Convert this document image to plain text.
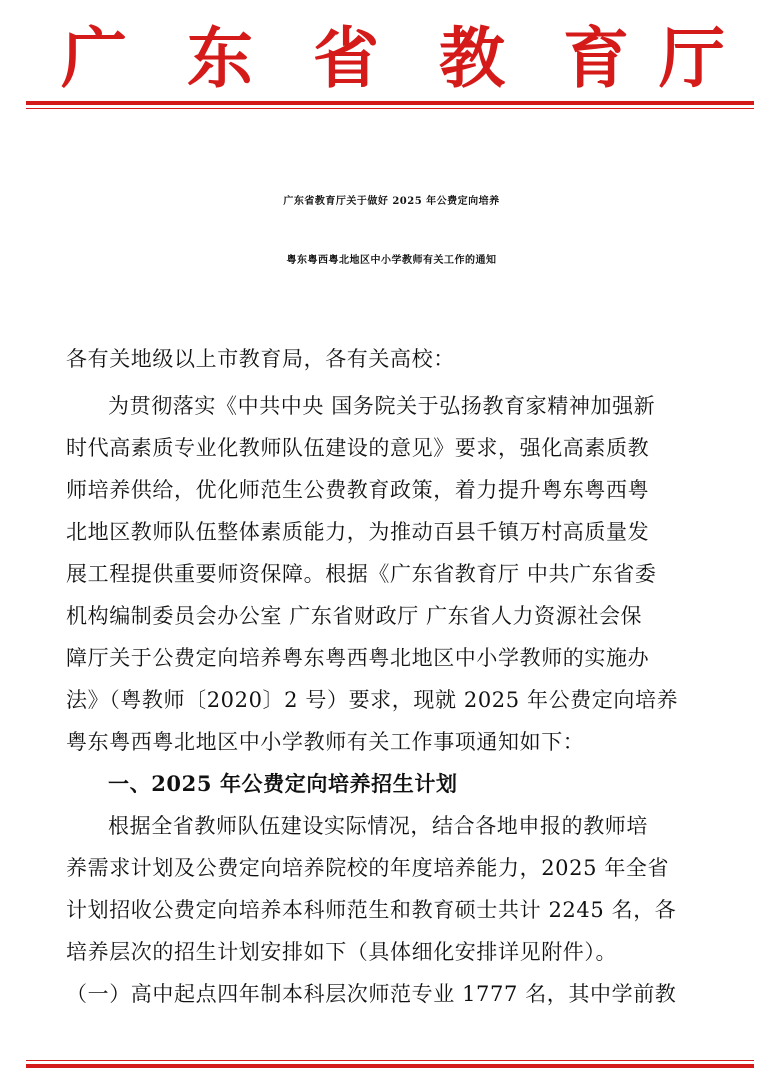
广 东 省 教 育 厅
广东省教育厅关于做好 2025 年公费定向培养
粤东粤西粤北地区中小学教师有关工作的通知
各有关地级以上市教育局，各有关高校：
为贯彻落实《中共中央 国务院关于弘扬教育家精神加强新
时代高素质专业化教师队伍建设的意见》要求，强化高素质教
师培养供给，优化师范生公费教育政策，着力提升粤东粤西粤
北地区教师队伍整体素质能力，为推动百县千镇万村高质量发
展工程提供重要师资保障。根据《广东省教育厅 中共广东省委
机构编制委员会办公室 广东省财政厅 广东省人力资源社会保
障厅关于公费定向培养粤东粤西粤北地区中小学教师的实施办
法》（粤教师〔2020〕2 号）要求，现就 2025 年公费定向培养
粤东粤西粤北地区中小学教师有关工作事项通知如下：
一、2025 年公费定向培养招生计划
根据全省教师队伍建设实际情况，结合各地申报的教师培
养需求计划及公费定向培养院校的年度培养能力，2025 年全省
计划招收公费定向培养本科师范生和教育硕士共计 2245 名，各
培养层次的招生计划安排如下（具体细化安排详见附件）。
（一）高中起点四年制本科层次师范专业 1777 名，其中学前教
